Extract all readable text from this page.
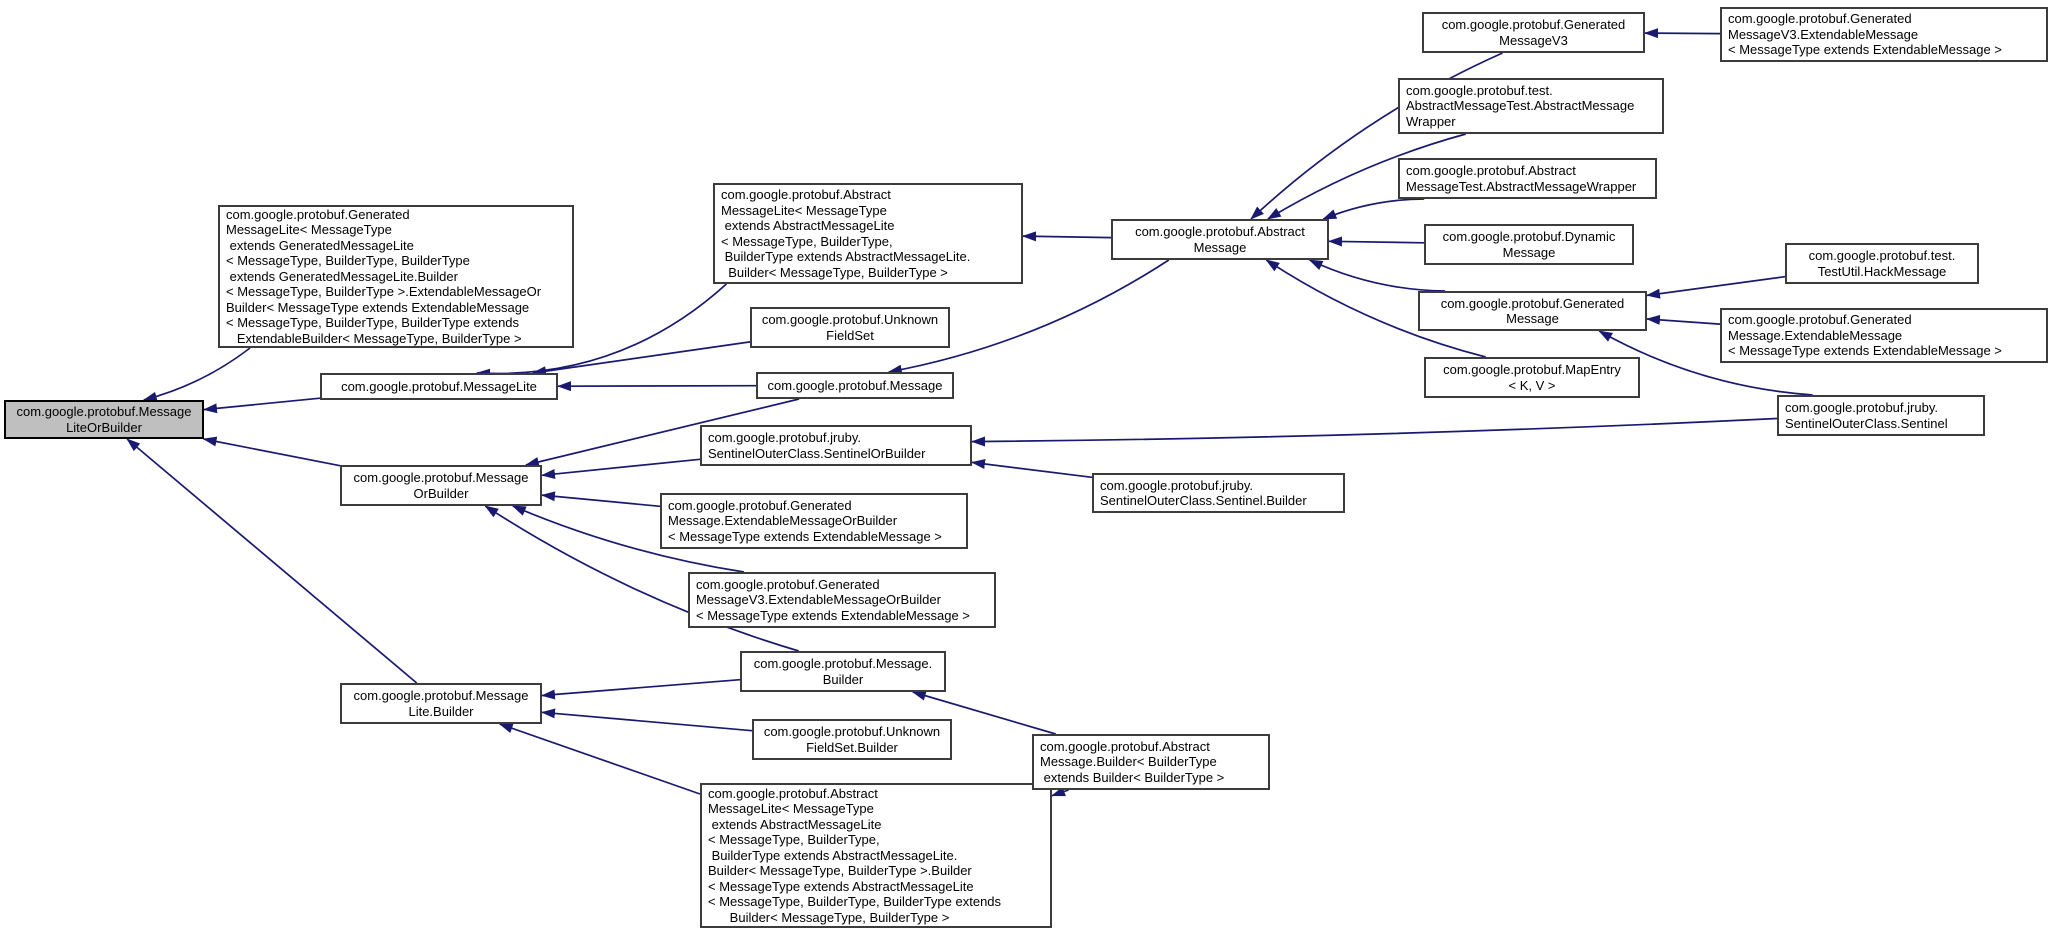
com.google.protobuf.Message
LiteOrBuilder
com.google.protobuf.Generated
MessageLite< MessageType
extends GeneratedMessageLite
< MessageType, BuilderType, BuilderType
extends GeneratedMessageLite.Builder
< MessageType, BuilderType >.ExtendableMessageOr
Builder< MessageType extends ExtendableMessage
< MessageType, BuilderType, BuilderType extends
ExtendableBuilder< MessageType, BuilderType >
com.google.protobuf.MessageLite
com.google.protobuf.Message
OrBuilder
com.google.protobuf.Message
Lite.Builder
com.google.protobuf.Abstract
MessageLite< MessageType
extends AbstractMessageLite
< MessageType, BuilderType,
BuilderType extends AbstractMessageLite.
Builder< MessageType, BuilderType >
com.google.protobuf.Unknown
FieldSet
com.google.protobuf.Message
com.google.protobuf.jruby.
SentinelOuterClass.SentinelOrBuilder
com.google.protobuf.Generated
Message.ExtendableMessageOrBuilder
< MessageType extends ExtendableMessage >
com.google.protobuf.Generated
MessageV3.ExtendableMessageOrBuilder
< MessageType extends ExtendableMessage >
com.google.protobuf.Message.
Builder
com.google.protobuf.Unknown
FieldSet.Builder
com.google.protobuf.Abstract
MessageLite< MessageType
extends AbstractMessageLite
< MessageType, BuilderType,
BuilderType extends AbstractMessageLite.
Builder< MessageType, BuilderType >.Builder
< MessageType extends AbstractMessageLite
< MessageType, BuilderType, BuilderType extends
Builder< MessageType, BuilderType >
com.google.protobuf.Abstract
Message
com.google.protobuf.Abstract
Message.Builder< BuilderType
extends Builder< BuilderType >
com.google.protobuf.jruby.
SentinelOuterClass.Sentinel.Builder
com.google.protobuf.Generated
MessageV3
com.google.protobuf.Generated
MessageV3.ExtendableMessage
< MessageType extends ExtendableMessage >
com.google.protobuf.test.
AbstractMessageTest.AbstractMessage
Wrapper
com.google.protobuf.Abstract
MessageTest.AbstractMessageWrapper
com.google.protobuf.Dynamic
Message
com.google.protobuf.Generated
Message
com.google.protobuf.test.
TestUtil.HackMessage
com.google.protobuf.Generated
Message.ExtendableMessage
< MessageType extends ExtendableMessage >
com.google.protobuf.MapEntry
< K, V >
com.google.protobuf.jruby.
SentinelOuterClass.Sentinel
